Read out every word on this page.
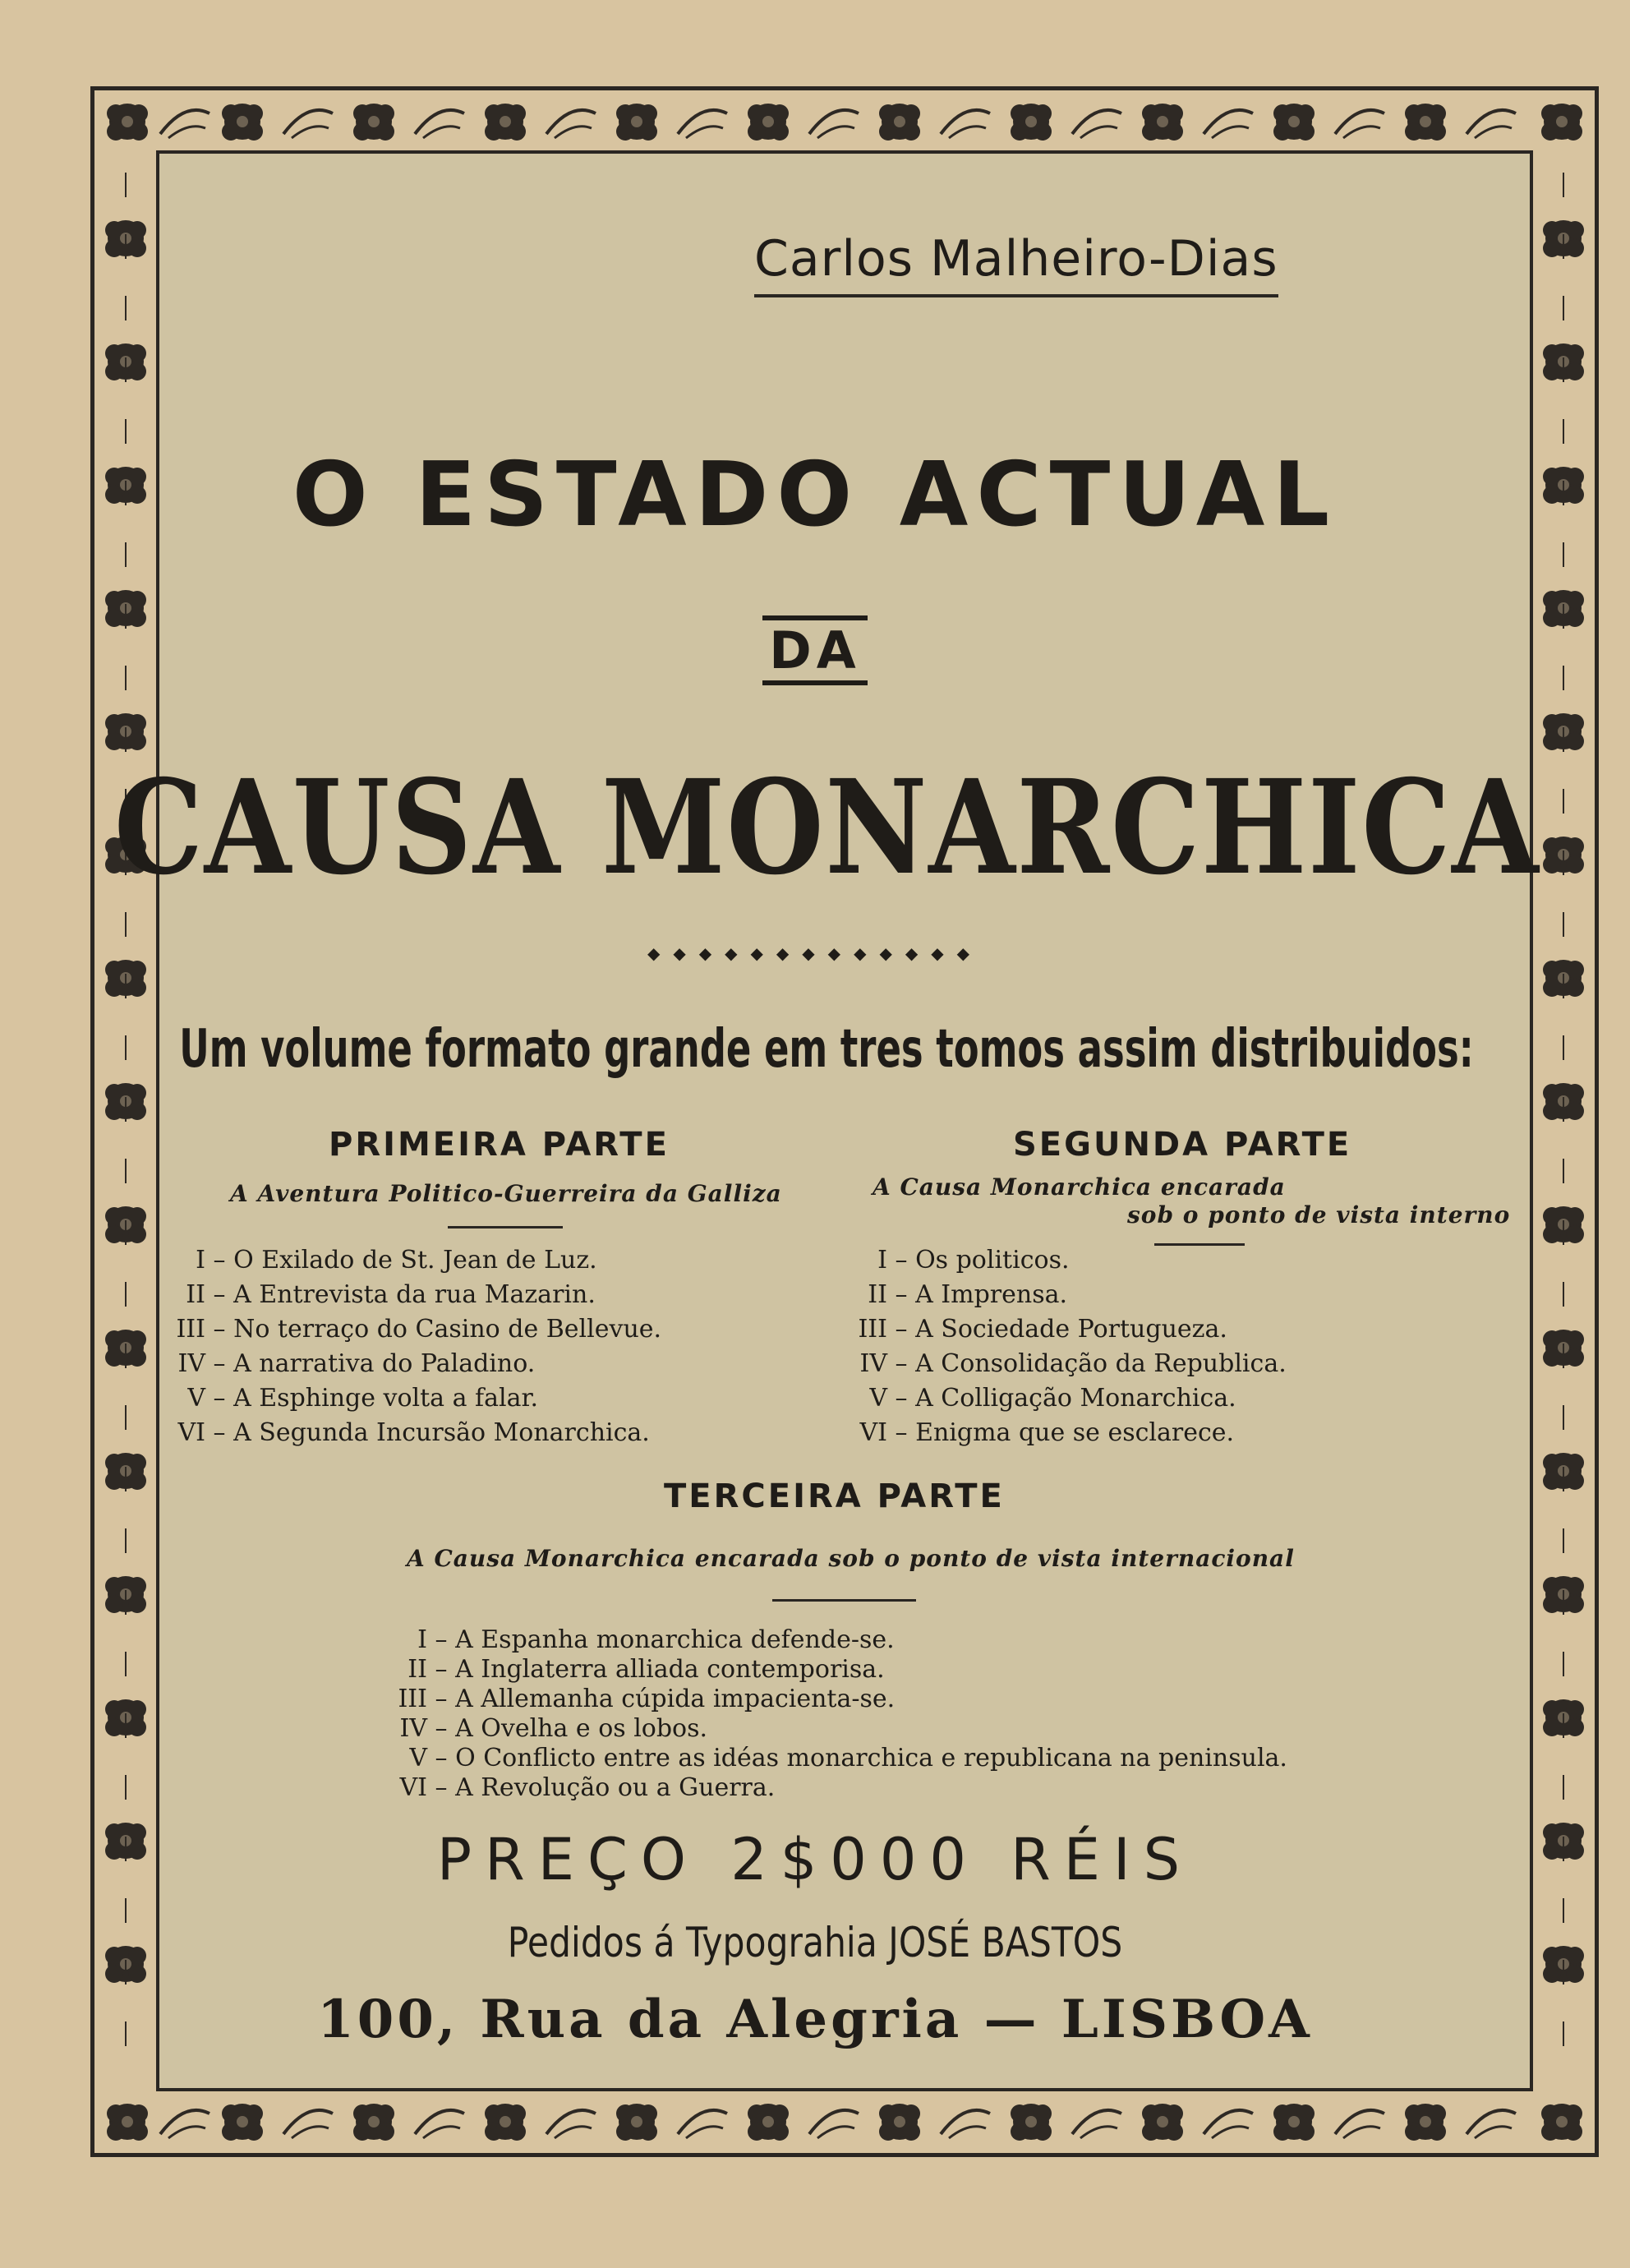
Carlos Malheiro-Dias
O ESTADO ACTUAL
DA
CAUSA MONARCHICA
◆◆◆◆◆◆◆◆◆◆◆◆◆
Um volume formato grande em tres tomos assim distribuidos:
PRIMEIRA PARTE
A Aventura Politico-Guerreira da Galliza
I – O Exilado de St. Jean de Luz.
II – A Entrevista da rua Mazarin.
III – No terraço do Casino de Bellevue.
IV – A narrativa do Paladino.
V – A Esphinge volta a falar.
VI – A Segunda Incursão Monarchica.
SEGUNDA PARTE
A Causa Monarchica encarada
sob o ponto de vista interno
I – Os politicos.
II – A Imprensa.
III – A Sociedade Portugueza.
IV – A Consolidação da Republica.
V – A Colligação Monarchica.
VI – Enigma que se esclarece.
TERCEIRA PARTE
A Causa Monarchica encarada sob o ponto de vista internacional
I – A Espanha monarchica defende-se.
II – A Inglaterra alliada contemporisa.
III – A Allemanha cúpida impacienta-se.
IV – A Ovelha e os lobos.
V – O Conflicto entre as idéas monarchica e republicana na peninsula.
VI – A Revolução ou a Guerra.
PREÇO 2$000 RÉIS
Pedidos á Typograhia JOSÉ BASTOS
100, Rua da Alegria — LISBOA
